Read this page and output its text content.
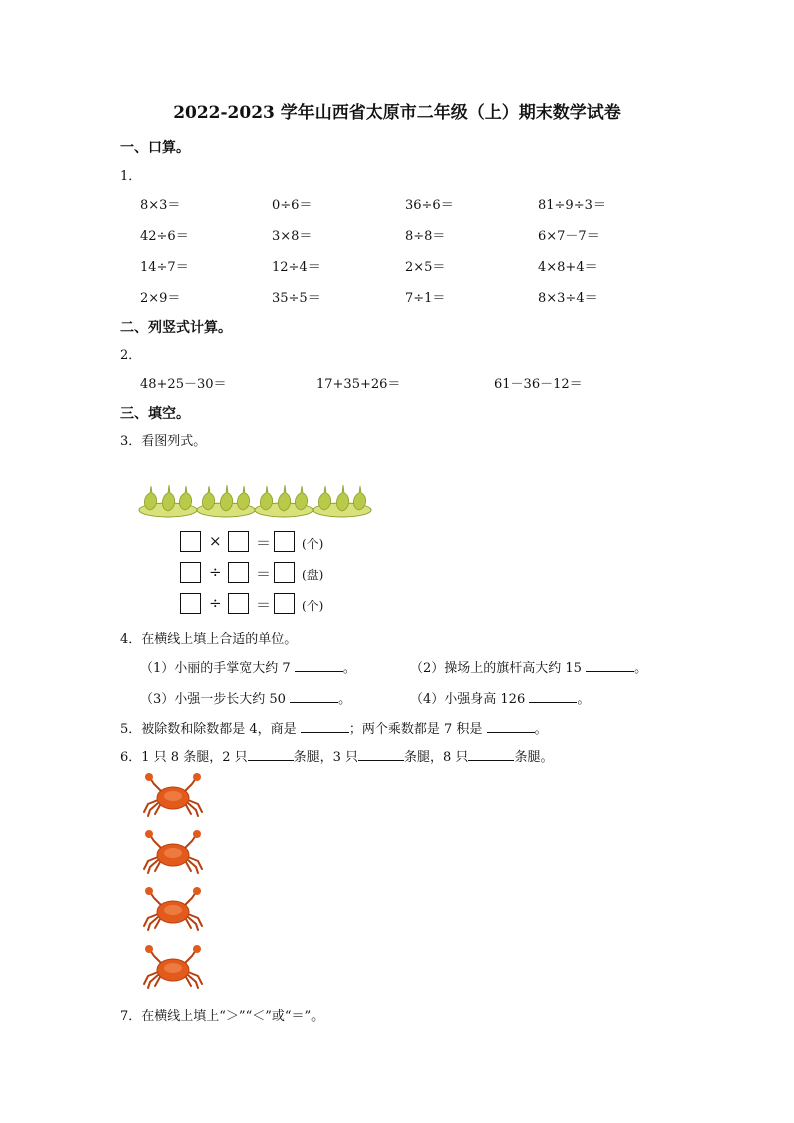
2022-2023 学年山西省太原市二年级（上）期末数学试卷
一、口算。
1．
8×3＝	0÷6＝	36÷6＝	81÷9÷3＝
42÷6＝	3×8＝	8÷8＝	6×7－7＝
14÷7＝	12÷4＝	2×5＝	4×8+4＝
2×9＝	35÷5＝	7÷1＝	8×3÷4＝
二、列竖式计算。
2．
48+25－30＝	17+35+26＝	61－36－12＝
三、填空。
3．看图列式。
× ＝	(个)
÷ ＝	(盘)
÷ ＝	(个)
4．在横线上填上合适的单位。
（1）小丽的手掌宽大约 7	。	（2）操场上的旗杆高大约 15	。
（3）小强一步长大约 50	。	（4）小强身高 126	。
5．被除数和除数都是 4，商是	；两个乘数都是 7 积是	。
6．1 只 8 条腿，2 只	条腿，3 只	条腿，8 只	条腿。
7．在横线上填上“＞”“＜”或“＝”。
